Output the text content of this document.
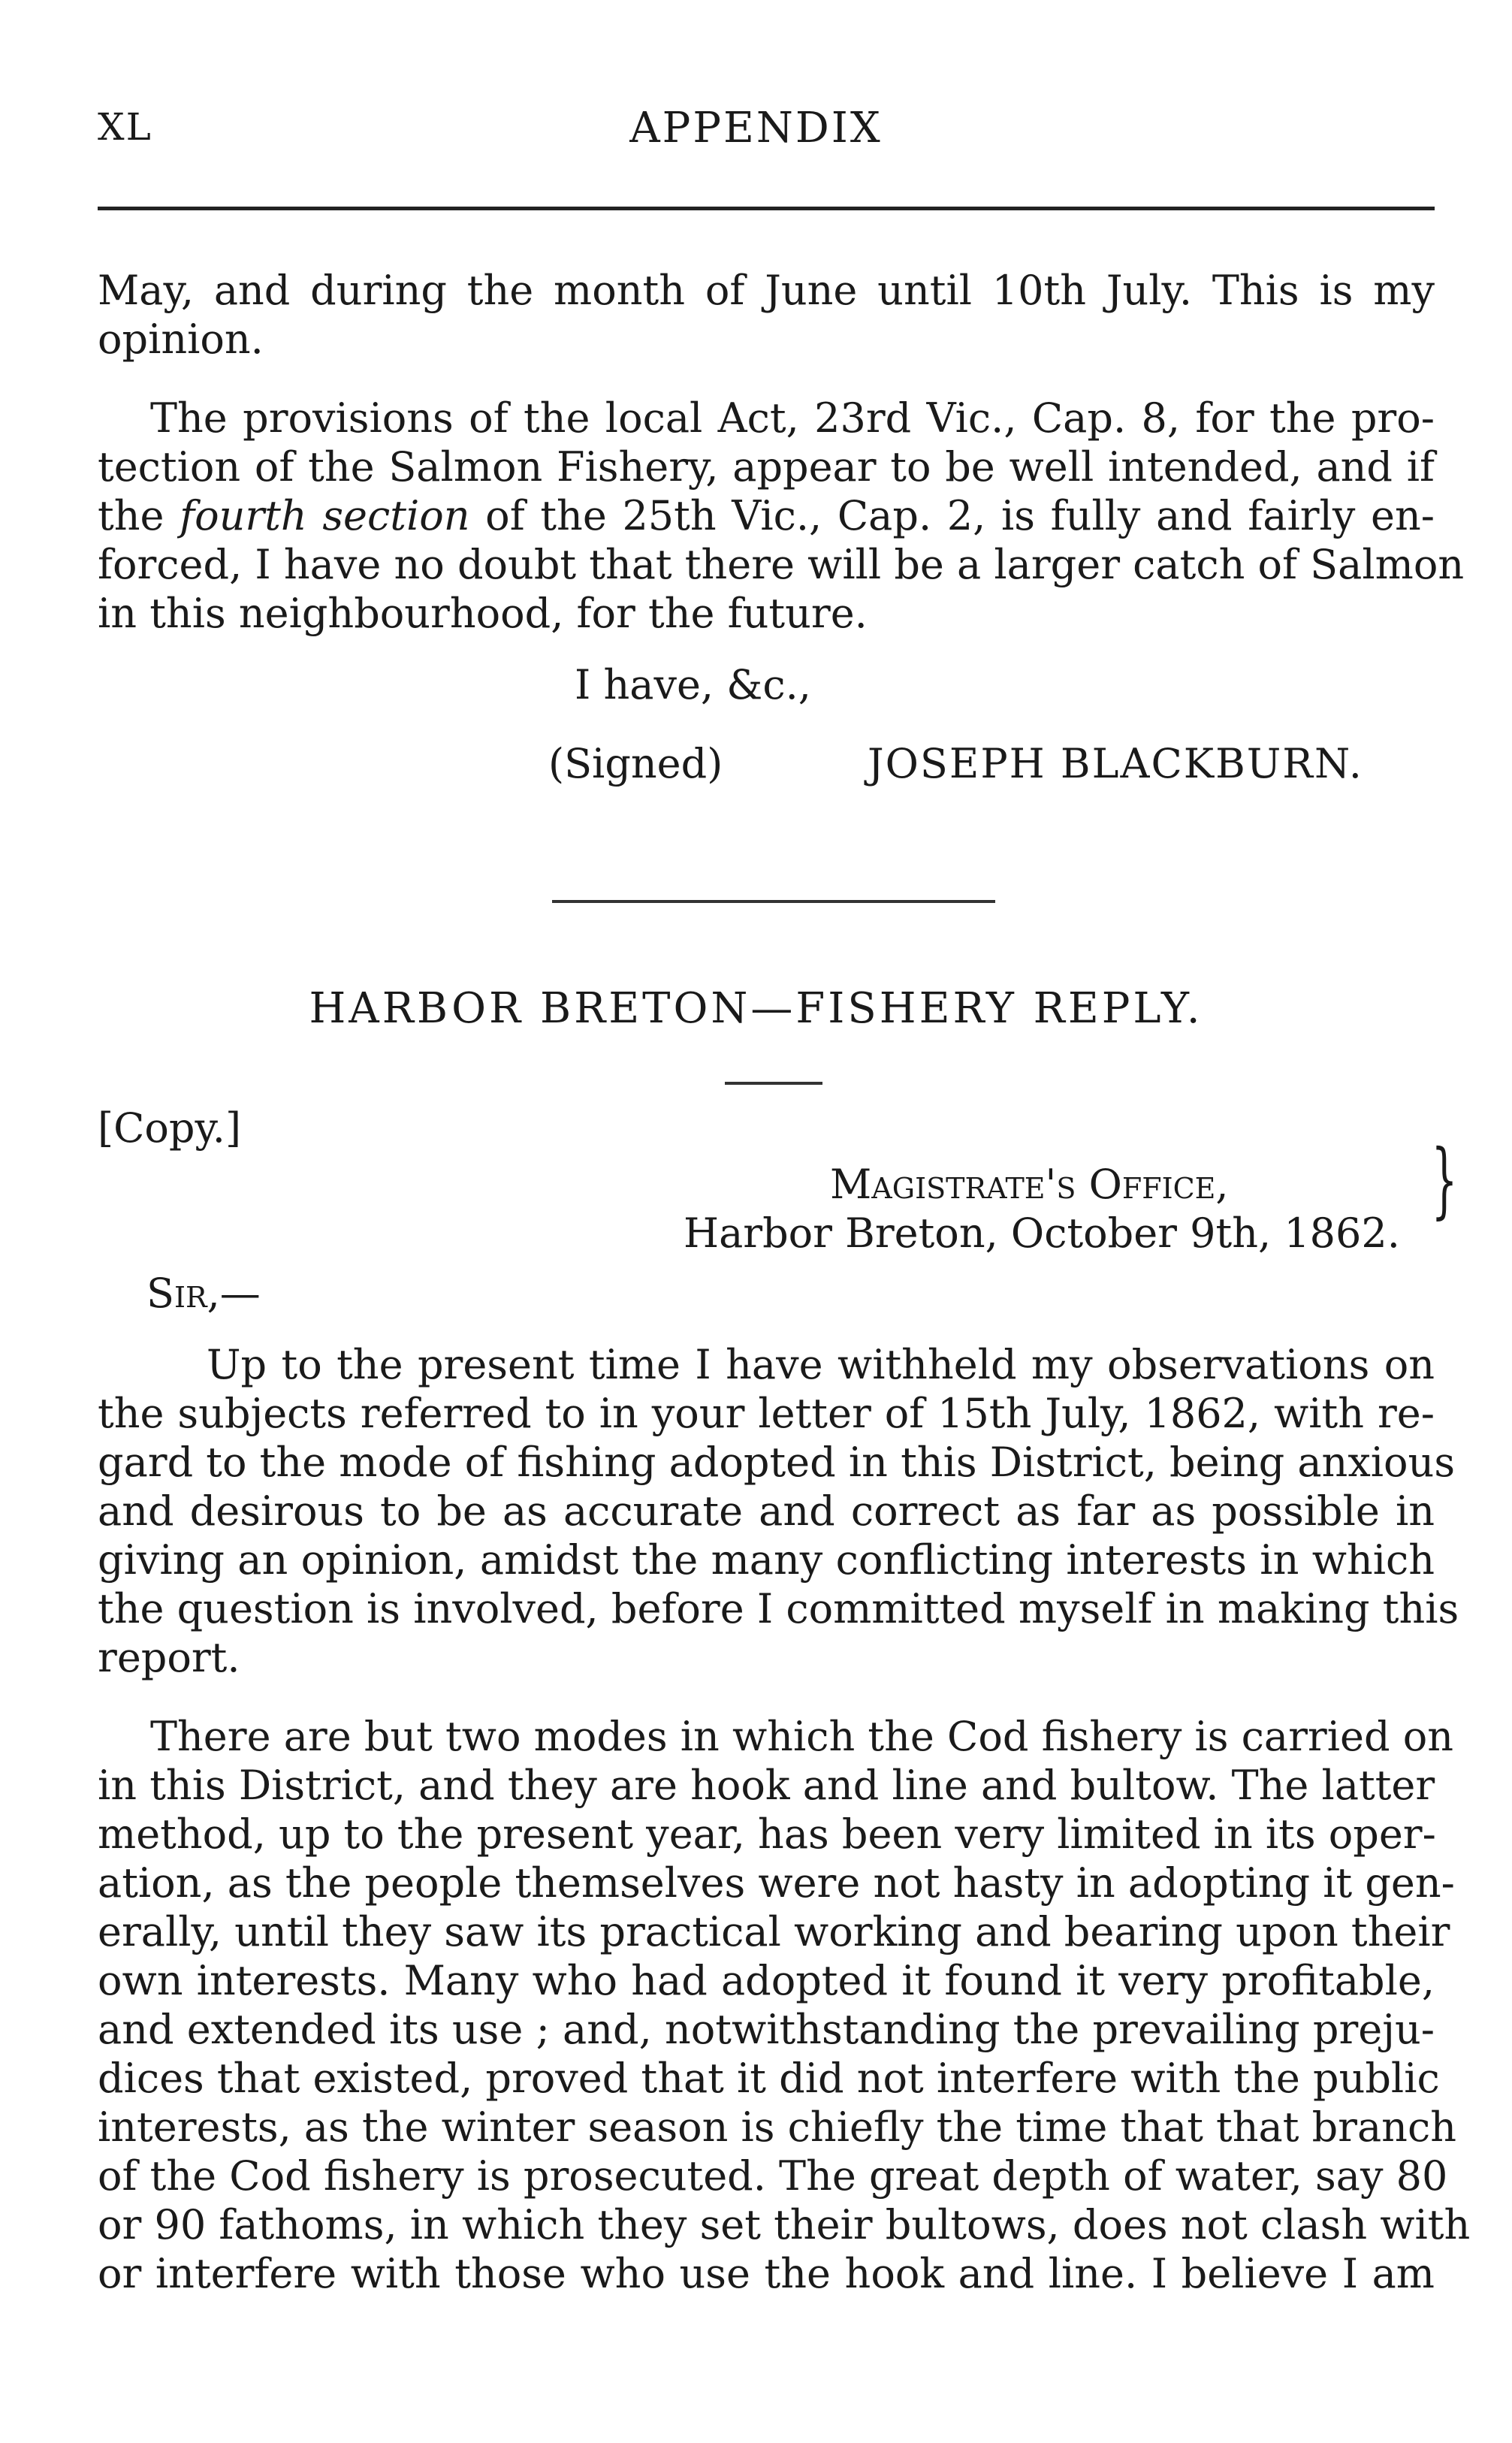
XL	APPENDIX
May, and during the month of June until 10th July. This is my
opinion.
The provisions of the local Act, 23rd Vic., Cap. 8, for the pro-
tection of the Salmon Fishery, appear to be well intended, and if
the fourth section of the 25th Vic., Cap. 2, is fully and fairly en-
forced, I have no doubt that there will be a larger catch of Salmon
in this neighbourhood, for the future.
I have, &c.,
(Signed)	JOSEPH BLACKBURN.
HARBOR BRETON—FISHERY REPLY.
[Copy.]
Magistrate's Office,
Harbor Breton, October 9th, 1862.
}
Sir,—
Up to the present time I have withheld my observations on
the subjects referred to in your letter of 15th July, 1862, with re-
gard to the mode of fishing adopted in this District, being anxious
and desirous to be as accurate and correct as far as possible in
giving an opinion, amidst the many conflicting interests in which
the question is involved, before I committed myself in making this
report.
There are but two modes in which the Cod fishery is carried on
in this District, and they are hook and line and bultow. The latter
method, up to the present year, has been very limited in its oper-
ation, as the people themselves were not hasty in adopting it gen-
erally, until they saw its practical working and bearing upon their
own interests. Many who had adopted it found it very profitable,
and extended its use ; and, notwithstanding the prevailing preju-
dices that existed, proved that it did not interfere with the public
interests, as the winter season is chiefly the time that that branch
of the Cod fishery is prosecuted. The great depth of water, say 80
or 90 fathoms, in which they set their bultows, does not clash with
or interfere with those who use the hook and line. I believe I am
